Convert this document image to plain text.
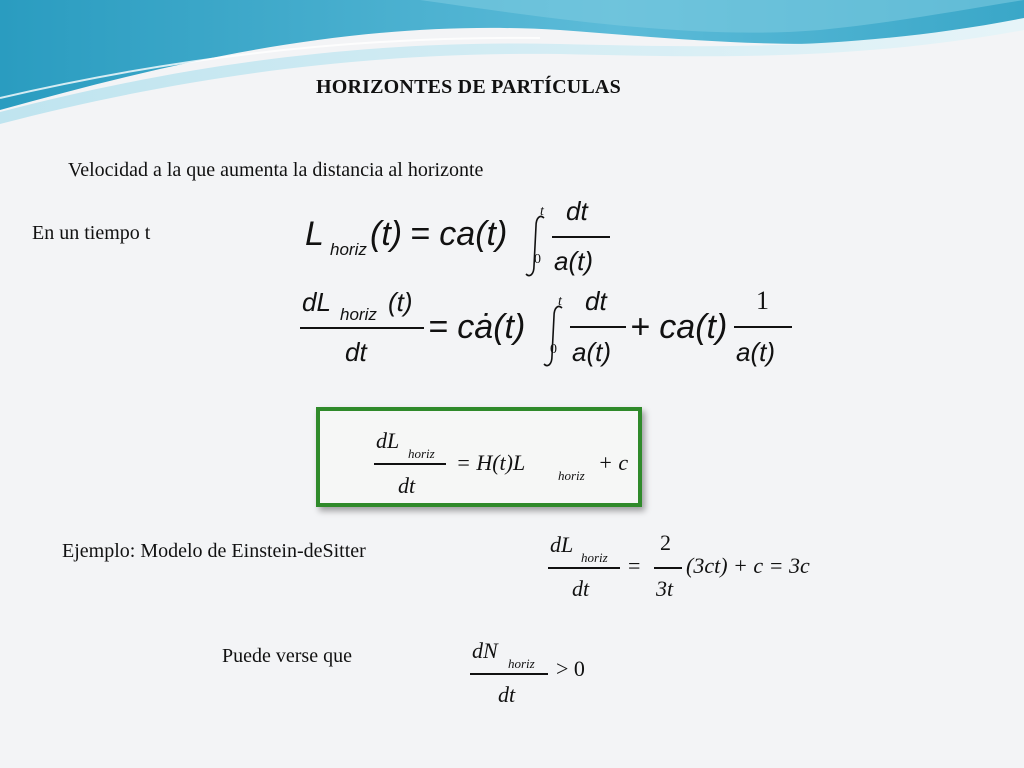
HORIZONTES DE PARTÍCULAS
Velocidad a la que aumenta la distancia al horizonte
En un tiempo t
Ejemplo: Modelo de Einstein-deSitter
Puede verse que
L horiz (t) = ca(t)
t
0
dt
a(t)
dL horiz (t)
dt
= cȧ(t)
t
0
dt
a(t)
+ ca(t)
1
a(t)
dL
horiz
dt
= H(t)L
horiz
+ c
dL
horiz
dt
=
2
3t
(3ct) + c = 3c
dN
horiz
dt
> 0
